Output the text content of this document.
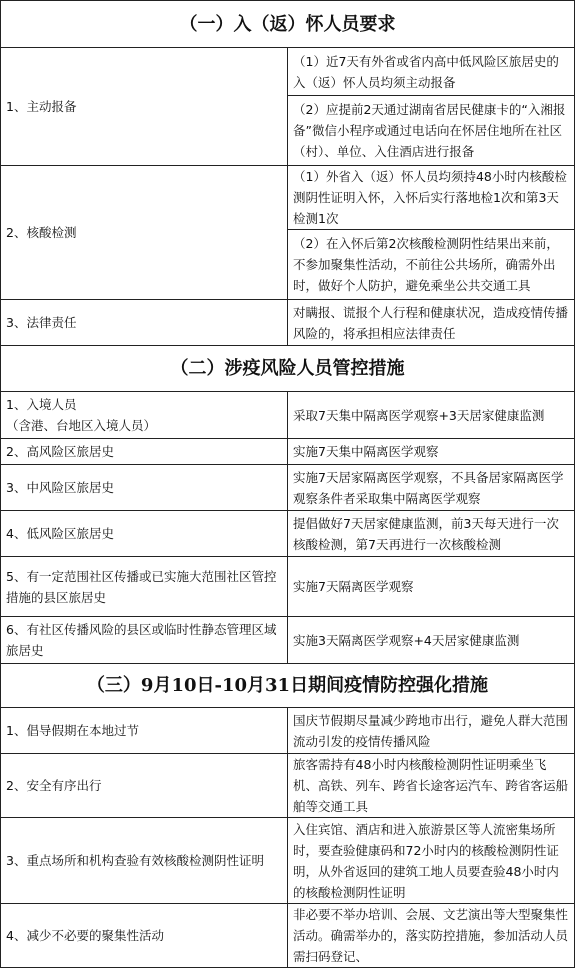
（一）入（返）怀人员要求	
1、主动报备	（1）近7天有外省或省内高中低风险区旅居史的入（返）怀人员均须主动报备
	（2）应提前2天通过湖南省居民健康卡的“入湘报备”微信小程序或通过电话向在怀居住地所在社区（村）、单位、入住酒店进行报备
2、核酸检测	（1）外省入（返）怀人员均须持48小时内核酸检测阴性证明入怀，入怀后实行落地检1次和第3天检测1次
	（2）在入怀后第2次核酸检测阴性结果出来前，不参加聚集性活动，不前往公共场所，确需外出时，做好个人防护，避免乘坐公共交通工具
3、法律责任	对瞒报、谎报个人行程和健康状况，造成疫情传播风险的，将承担相应法律责任
（二）涉疫风险人员管控措施	
1、入境人员
（含港、台地区入境人员）	采取7天集中隔离医学观察+3天居家健康监测
2、高风险区旅居史	实施7天集中隔离医学观察
3、中风险区旅居史	实施7天居家隔离医学观察，不具备居家隔离医学观察条件者采取集中隔离医学观察
4、低风险区旅居史	提倡做好7天居家健康监测，前3天每天进行一次核酸检测，第7天再进行一次核酸检测
5、有一定范围社区传播或已实施大范围社区管控措施的县区旅居史	实施7天隔离医学观察
6、有社区传播风险的县区或临时性静态管理区域旅居史	实施3天隔离医学观察+4天居家健康监测
（三）9月10日-10月31日期间疫情防控强化措施	
1、倡导假期在本地过节	国庆节假期尽量减少跨地市出行，避免人群大范围流动引发的疫情传播风险
2、安全有序出行	旅客需持有48小时内核酸检测阴性证明乘坐飞机、高铁、列车、跨省长途客运汽车、跨省客运船舶等交通工具
3、重点场所和机构查验有效核酸检测阴性证明	入住宾馆、酒店和进入旅游景区等人流密集场所时，要查验健康码和72小时内的核酸检测阴性证明，从外省返回的建筑工地人员要查验48小时内的核酸检测阴性证明
4、减少不必要的聚集性活动	非必要不举办培训、会展、文艺演出等大型聚集性活动。确需举办的，落实防控措施，参加活动人员需扫码登记、
